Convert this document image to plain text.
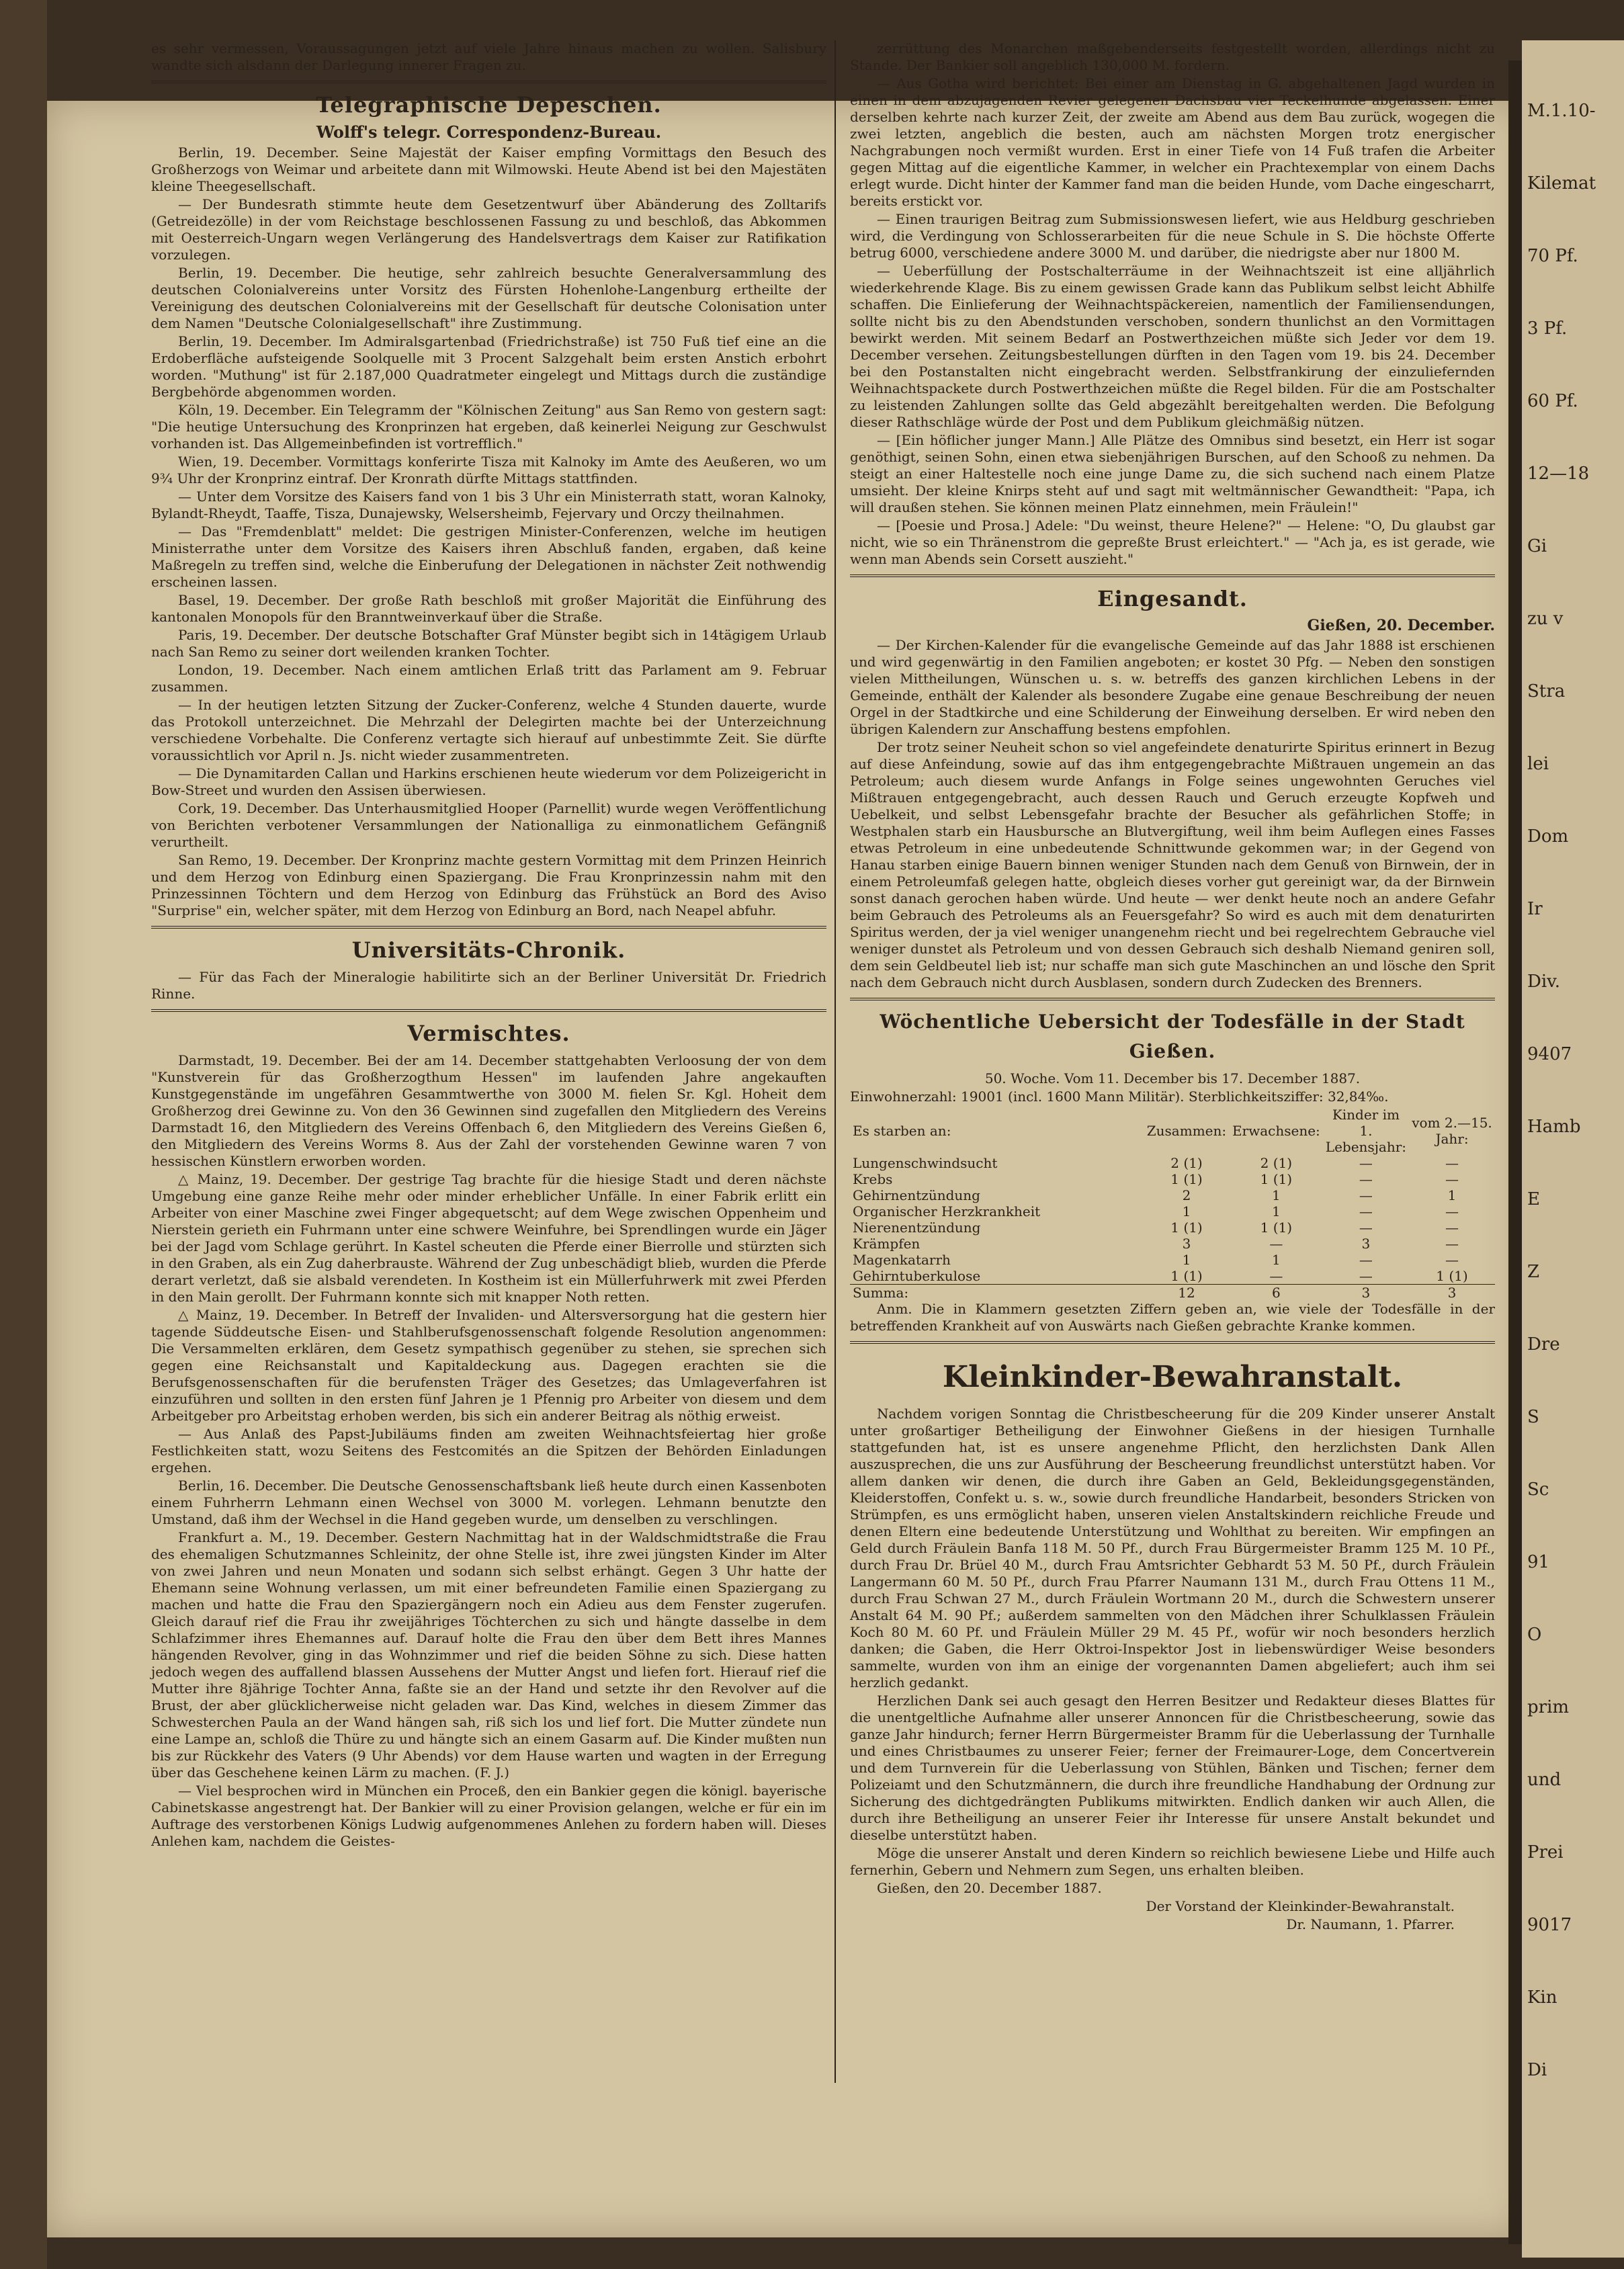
M.1.10-
Kilemat
70 Pf.
3 Pf.
60 Pf.
12—18
Gi
zu v
Stra
lei
Dom
Ir
Div.
9407
Hamb
E
Z
Dre
S
Sc
91
O
prim
und
Prei
9017
Kin
Di

es sehr vermessen, Voraussagungen jetzt auf viele Jahre hinaus machen zu wollen. Salisbury wandte sich alsdann der Darlegung innerer Fragen zu.

Telegraphische Depeschen.
Wolff's telegr. Correspondenz-Bureau.

Berlin, 19. December. Seine Majestät der Kaiser empfing Vormittags den Besuch des Großherzogs von Weimar und arbeitete dann mit Wilmowski. Heute Abend ist bei den Majestäten kleine Theegesellschaft.

— Der Bundesrath stimmte heute dem Gesetzentwurf über Abänderung des Zolltarifs (Getreidezölle) in der vom Reichstage beschlossenen Fassung zu und beschloß, das Abkommen mit Oesterreich-Ungarn wegen Verlängerung des Handelsvertrags dem Kaiser zur Ratifikation vorzulegen.

Berlin, 19. December. Die heutige, sehr zahlreich besuchte Generalversammlung des deutschen Colonialvereins unter Vorsitz des Fürsten Hohenlohe-Langenburg ertheilte der Vereinigung des deutschen Colonialvereins mit der Gesellschaft für deutsche Colonisation unter dem Namen "Deutsche Colonialgesellschaft" ihre Zustimmung.

Berlin, 19. December. Im Admiralsgartenbad (Friedrichstraße) ist 750 Fuß tief eine an die Erdoberfläche aufsteigende Soolquelle mit 3 Procent Salzgehalt beim ersten Anstich erbohrt worden. "Muthung" ist für 2.187,000 Quadratmeter eingelegt und Mittags durch die zuständige Bergbehörde abgenommen worden.

Köln, 19. December. Ein Telegramm der "Kölnischen Zeitung" aus San Remo von gestern sagt: "Die heutige Untersuchung des Kronprinzen hat ergeben, daß keinerlei Neigung zur Geschwulst vorhanden ist. Das Allgemeinbefinden ist vortrefflich."

Wien, 19. December. Vormittags konferirte Tisza mit Kalnoky im Amte des Aeußeren, wo um 9¾ Uhr der Kronprinz eintraf. Der Kronrath dürfte Mittags stattfinden.

— Unter dem Vorsitze des Kaisers fand von 1 bis 3 Uhr ein Ministerrath statt, woran Kalnoky, Bylandt-Rheydt, Taaffe, Tisza, Dunajewsky, Welsersheimb, Fejervary und Orczy theilnahmen.

— Das "Fremdenblatt" meldet: Die gestrigen Minister-Conferenzen, welche im heutigen Ministerrathe unter dem Vorsitze des Kaisers ihren Abschluß fanden, ergaben, daß keine Maßregeln zu treffen sind, welche die Einberufung der Delegationen in nächster Zeit nothwendig erscheinen lassen.

Basel, 19. December. Der große Rath beschloß mit großer Majorität die Einführung des kantonalen Monopols für den Branntweinverkauf über die Straße.

Paris, 19. December. Der deutsche Botschafter Graf Münster begibt sich in 14tägigem Urlaub nach San Remo zu seiner dort weilenden kranken Tochter.

London, 19. December. Nach einem amtlichen Erlaß tritt das Parlament am 9. Februar zusammen.

— In der heutigen letzten Sitzung der Zucker-Conferenz, welche 4 Stunden dauerte, wurde das Protokoll unterzeichnet. Die Mehrzahl der Delegirten machte bei der Unterzeichnung verschiedene Vorbehalte. Die Conferenz vertagte sich hierauf auf unbestimmte Zeit. Sie dürfte voraussichtlich vor April n. Js. nicht wieder zusammentreten.

— Die Dynamitarden Callan und Harkins erschienen heute wiederum vor dem Polizeigericht in Bow-Street und wurden den Assisen überwiesen.

Cork, 19. December. Das Unterhausmitglied Hooper (Parnellit) wurde wegen Veröffentlichung von Berichten verbotener Versammlungen der Nationalliga zu einmonatlichem Gefängniß verurtheilt.

San Remo, 19. December. Der Kronprinz machte gestern Vormittag mit dem Prinzen Heinrich und dem Herzog von Edinburg einen Spaziergang. Die Frau Kronprinzessin nahm mit den Prinzessinnen Töchtern und dem Herzog von Edinburg das Frühstück an Bord des Aviso "Surprise" ein, welcher später, mit dem Herzog von Edinburg an Bord, nach Neapel abfuhr.

Universitäts-Chronik.

— Für das Fach der Mineralogie habilitirte sich an der Berliner Universität Dr. Friedrich Rinne.

Vermischtes.

Darmstadt, 19. December. Bei der am 14. December stattgehabten Verloosung der von dem "Kunstverein für das Großherzogthum Hessen" im laufenden Jahre angekauften Kunstgegenstände im ungefähren Gesammtwerthe von 3000 M. fielen Sr. Kgl. Hoheit dem Großherzog drei Gewinne zu. Von den 36 Gewinnen sind zugefallen den Mitgliedern des Vereins Darmstadt 16, den Mitgliedern des Vereins Offenbach 6, den Mitgliedern des Vereins Gießen 6, den Mitgliedern des Vereins Worms 8. Aus der Zahl der vorstehenden Gewinne waren 7 von hessischen Künstlern erworben worden.

△ Mainz, 19. December. Der gestrige Tag brachte für die hiesige Stadt und deren nächste Umgebung eine ganze Reihe mehr oder minder erheblicher Unfälle. In einer Fabrik erlitt ein Arbeiter von einer Maschine zwei Finger abgequetscht; auf dem Wege zwischen Oppenheim und Nierstein gerieth ein Fuhrmann unter eine schwere Weinfuhre, bei Sprendlingen wurde ein Jäger bei der Jagd vom Schlage gerührt. In Kastel scheuten die Pferde einer Bierrolle und stürzten sich in den Graben, als ein Zug daherbrauste. Während der Zug unbeschädigt blieb, wurden die Pferde derart verletzt, daß sie alsbald verendeten. In Kostheim ist ein Müllerfuhrwerk mit zwei Pferden in den Main gerollt. Der Fuhrmann konnte sich mit knapper Noth retten.

△ Mainz, 19. December. In Betreff der Invaliden- und Altersversorgung hat die gestern hier tagende Süddeutsche Eisen- und Stahlberufsgenossenschaft folgende Resolution angenommen: Die Versammelten erklären, dem Gesetz sympathisch gegenüber zu stehen, sie sprechen sich gegen eine Reichsanstalt und Kapitaldeckung aus. Dagegen erachten sie die Berufsgenossenschaften für die berufensten Träger des Gesetzes; das Umlageverfahren ist einzuführen und sollten in den ersten fünf Jahren je 1 Pfennig pro Arbeiter von diesem und dem Arbeitgeber pro Arbeitstag erhoben werden, bis sich ein anderer Beitrag als nöthig erweist.

— Aus Anlaß des Papst-Jubiläums finden am zweiten Weihnachtsfeiertag hier große Festlichkeiten statt, wozu Seitens des Festcomités an die Spitzen der Behörden Einladungen ergehen.

Berlin, 16. December. Die Deutsche Genossenschaftsbank ließ heute durch einen Kassenboten einem Fuhrherrn Lehmann einen Wechsel von 3000 M. vorlegen. Lehmann benutzte den Umstand, daß ihm der Wechsel in die Hand gegeben wurde, um denselben zu verschlingen.

Frankfurt a. M., 19. December. Gestern Nachmittag hat in der Waldschmidtstraße die Frau des ehemaligen Schutzmannes Schleinitz, der ohne Stelle ist, ihre zwei jüngsten Kinder im Alter von zwei Jahren und neun Monaten und sodann sich selbst erhängt. Gegen 3 Uhr hatte der Ehemann seine Wohnung verlassen, um mit einer befreundeten Familie einen Spaziergang zu machen und hatte die Frau den Spaziergängern noch ein Adieu aus dem Fenster zugerufen. Gleich darauf rief die Frau ihr zweijähriges Töchterchen zu sich und hängte dasselbe in dem Schlafzimmer ihres Ehemannes auf. Darauf holte die Frau den über dem Bett ihres Mannes hängenden Revolver, ging in das Wohnzimmer und rief die beiden Söhne zu sich. Diese hatten jedoch wegen des auffallend blassen Aussehens der Mutter Angst und liefen fort. Hierauf rief die Mutter ihre 8jährige Tochter Anna, faßte sie an der Hand und setzte ihr den Revolver auf die Brust, der aber glücklicherweise nicht geladen war. Das Kind, welches in diesem Zimmer das Schwesterchen Paula an der Wand hängen sah, riß sich los und lief fort. Die Mutter zündete nun eine Lampe an, schloß die Thüre zu und hängte sich an einem Gasarm auf. Die Kinder mußten nun bis zur Rückkehr des Vaters (9 Uhr Abends) vor dem Hause warten und wagten in der Erregung über das Geschehene keinen Lärm zu machen. (F. J.)

— Viel besprochen wird in München ein Proceß, den ein Bankier gegen die königl. bayerische Cabinetskasse angestrengt hat. Der Bankier will zu einer Provision gelangen, welche er für ein im Auftrage des verstorbenen Königs Ludwig aufgenommenes Anlehen zu fordern haben will. Dieses Anlehen kam, nachdem die Geistes-

zerrüttung des Monarchen maßgebenderseits festgestellt worden, allerdings nicht zu Stande. Der Bankier soll angeblich 130,000 M. fordern.

— Aus Gotha wird berichtet: Bei einer am Dienstag in G. abgehaltenen Jagd wurden in einen in dem abzujagenden Revier gelegenen Dachsbau vier Teckelhunde abgelassen. Einer derselben kehrte nach kurzer Zeit, der zweite am Abend aus dem Bau zurück, wogegen die zwei letzten, angeblich die besten, auch am nächsten Morgen trotz energischer Nachgrabungen noch vermißt wurden. Erst in einer Tiefe von 14 Fuß trafen die Arbeiter gegen Mittag auf die eigentliche Kammer, in welcher ein Prachtexemplar von einem Dachs erlegt wurde. Dicht hinter der Kammer fand man die beiden Hunde, vom Dache eingescharrt, bereits erstickt vor.

— Einen traurigen Beitrag zum Submissionswesen liefert, wie aus Heldburg geschrieben wird, die Verdingung von Schlosserarbeiten für die neue Schule in S. Die höchste Offerte betrug 6000, verschiedene andere 3000 M. und darüber, die niedrigste aber nur 1800 M.

— Ueberfüllung der Postschalterräume in der Weihnachtszeit ist eine alljährlich wiederkehrende Klage. Bis zu einem gewissen Grade kann das Publikum selbst leicht Abhilfe schaffen. Die Einlieferung der Weihnachtspäckereien, namentlich der Familiensendungen, sollte nicht bis zu den Abendstunden verschoben, sondern thunlichst an den Vormittagen bewirkt werden. Mit seinem Bedarf an Postwerthzeichen müßte sich Jeder vor dem 19. December versehen. Zeitungsbestellungen dürften in den Tagen vom 19. bis 24. December bei den Postanstalten nicht eingebracht werden. Selbstfrankirung der einzuliefernden Weihnachtspackete durch Postwerthzeichen müßte die Regel bilden. Für die am Postschalter zu leistenden Zahlungen sollte das Geld abgezählt bereitgehalten werden. Die Befolgung dieser Rathschläge würde der Post und dem Publikum gleichmäßig nützen.

— [Ein höflicher junger Mann.] Alle Plätze des Omnibus sind besetzt, ein Herr ist sogar genöthigt, seinen Sohn, einen etwa siebenjährigen Burschen, auf den Schooß zu nehmen. Da steigt an einer Haltestelle noch eine junge Dame zu, die sich suchend nach einem Platze umsieht. Der kleine Knirps steht auf und sagt mit weltmännischer Gewandtheit: "Papa, ich will draußen stehen. Sie können meinen Platz einnehmen, mein Fräulein!"

— [Poesie und Prosa.] Adele: "Du weinst, theure Helene?" — Helene: "O, Du glaubst gar nicht, wie so ein Thränenstrom die gepreßte Brust erleichtert." — "Ach ja, es ist gerade, wie wenn man Abends sein Corsett auszieht."

Eingesandt.
Gießen, 20. December.

— Der Kirchen-Kalender für die evangelische Gemeinde auf das Jahr 1888 ist erschienen und wird gegenwärtig in den Familien angeboten; er kostet 30 Pfg. — Neben den sonstigen vielen Mittheilungen, Wünschen u. s. w. betreffs des ganzen kirchlichen Lebens in der Gemeinde, enthält der Kalender als besondere Zugabe eine genaue Beschreibung der neuen Orgel in der Stadtkirche und eine Schilderung der Einweihung derselben. Er wird neben den übrigen Kalendern zur Anschaffung bestens empfohlen.

Der trotz seiner Neuheit schon so viel angefeindete denaturirte Spiritus erinnert in Bezug auf diese Anfeindung, sowie auf das ihm entgegengebrachte Mißtrauen ungemein an das Petroleum; auch diesem wurde Anfangs in Folge seines ungewohnten Geruches viel Mißtrauen entgegengebracht, auch dessen Rauch und Geruch erzeugte Kopfweh und Uebelkeit, und selbst Lebensgefahr brachte der Besucher als gefährlichen Stoffe; in Westphalen starb ein Hausbursche an Blutvergiftung, weil ihm beim Auflegen eines Fasses etwas Petroleum in eine unbedeutende Schnittwunde gekommen war; in der Gegend von Hanau starben einige Bauern binnen weniger Stunden nach dem Genuß von Birnwein, der in einem Petroleumfaß gelegen hatte, obgleich dieses vorher gut gereinigt war, da der Birnwein sonst danach gerochen haben würde. Und heute — wer denkt heute noch an andere Gefahr beim Gebrauch des Petroleums als an Feuersgefahr? So wird es auch mit dem denaturirten Spiritus werden, der ja viel weniger unangenehm riecht und bei regelrechtem Gebrauche viel weniger dunstet als Petroleum und von dessen Gebrauch sich deshalb Niemand geniren soll, dem sein Geldbeutel lieb ist; nur schaffe man sich gute Maschinchen an und lösche den Sprit nach dem Gebrauch nicht durch Ausblasen, sondern durch Zudecken des Brenners.

Wöchentliche Uebersicht der Todesfälle in der Stadt Gießen.

50. Woche. Vom 11. December bis 17. December 1887.

Einwohnerzahl: 19001 (incl. 1600 Mann Militär). Sterblichkeitsziffer: 32,84‰.

Es starben an:	Zusammen:	Erwachsene:	Kinder im 1. Lebensjahr:	vom 2.—15. Jahr:
Lungenschwindsucht	2 (1)	2 (1)	—	—
Krebs	1 (1)	1 (1)	—	—
Gehirnentzündung	2	1	—	1
Organischer Herzkrankheit	1	1	—	—
Nierenentzündung	1 (1)	1 (1)	—	—
Krämpfen	3	—	3	—
Magenkatarrh	1	1	—	—
Gehirntuberkulose	1 (1)	—	—	1 (1)
Summa:	12	6	3	3

Anm. Die in Klammern gesetzten Ziffern geben an, wie viele der Todesfälle in der betreffenden Krankheit auf von Auswärts nach Gießen gebrachte Kranke kommen.

Kleinkinder-Bewahranstalt.

Nachdem vorigen Sonntag die Christbescheerung für die 209 Kinder unserer Anstalt unter großartiger Betheiligung der Einwohner Gießens in der hiesigen Turnhalle stattgefunden hat, ist es unsere angenehme Pflicht, den herzlichsten Dank Allen auszusprechen, die uns zur Ausführung der Bescheerung freundlichst unterstützt haben. Vor allem danken wir denen, die durch ihre Gaben an Geld, Bekleidungsgegenständen, Kleiderstoffen, Confekt u. s. w., sowie durch freundliche Handarbeit, besonders Stricken von Strümpfen, es uns ermöglicht haben, unseren vielen Anstaltskindern reichliche Freude und denen Eltern eine bedeutende Unterstützung und Wohlthat zu bereiten. Wir empfingen an Geld durch Fräulein Banfa 118 M. 50 Pf., durch Frau Bürgermeister Bramm 125 M. 10 Pf., durch Frau Dr. Brüel 40 M., durch Frau Amtsrichter Gebhardt 53 M. 50 Pf., durch Fräulein Langermann 60 M. 50 Pf., durch Frau Pfarrer Naumann 131 M., durch Frau Ottens 11 M., durch Frau Schwan 27 M., durch Fräulein Wortmann 20 M., durch die Schwestern unserer Anstalt 64 M. 90 Pf.; außerdem sammelten von den Mädchen ihrer Schulklassen Fräulein Koch 80 M. 60 Pf. und Fräulein Müller 29 M. 45 Pf., wofür wir noch besonders herzlich danken; die Gaben, die Herr Oktroi-Inspektor Jost in liebenswürdiger Weise besonders sammelte, wurden von ihm an einige der vorgenannten Damen abgeliefert; auch ihm sei herzlich gedankt.

Herzlichen Dank sei auch gesagt den Herren Besitzer und Redakteur dieses Blattes für die unentgeltliche Aufnahme aller unserer Annoncen für die Christbescheerung, sowie das ganze Jahr hindurch; ferner Herrn Bürgermeister Bramm für die Ueberlassung der Turnhalle und eines Christbaumes zu unserer Feier; ferner der Freimaurer-Loge, dem Concertverein und dem Turnverein für die Ueberlassung von Stühlen, Bänken und Tischen; ferner dem Polizeiamt und den Schutzmännern, die durch ihre freundliche Handhabung der Ordnung zur Sicherung des dichtgedrängten Publikums mitwirkten. Endlich danken wir auch Allen, die durch ihre Betheiligung an unserer Feier ihr Interesse für unsere Anstalt bekundet und dieselbe unterstützt haben.

Möge die unserer Anstalt und deren Kindern so reichlich bewiesene Liebe und Hilfe auch fernerhin, Gebern und Nehmern zum Segen, uns erhalten bleiben.

Gießen, den 20. December 1887.

Der Vorstand der Kleinkinder-Bewahranstalt.

Dr. Naumann, 1. Pfarrer.
